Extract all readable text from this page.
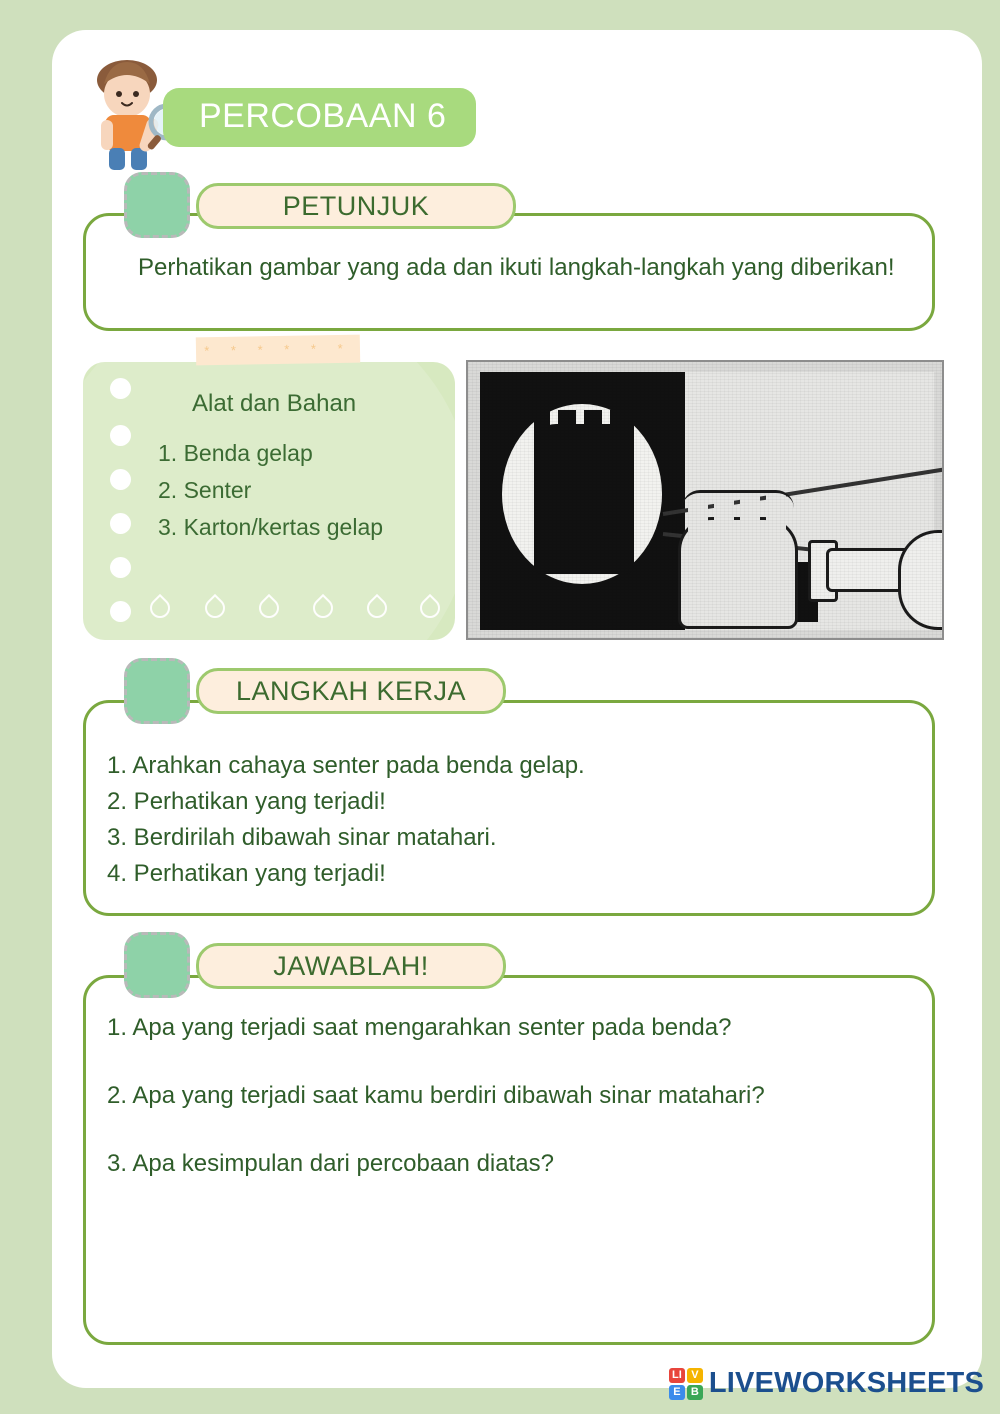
PERCOBAAN 6
PETUNJUK
Perhatikan gambar yang ada dan ikuti langkah-langkah yang diberikan!
* * * * * *
Alat dan Bahan
1. Benda gelap
2. Senter
3. Karton/kertas gelap
LANGKAH KERJA
1. Arahkan cahaya senter pada benda gelap.
2. Perhatikan yang terjadi!
3. Berdirilah dibawah sinar matahari.
4. Perhatikan yang terjadi!
JAWABLAH!
1. Apa yang terjadi saat mengarahkan senter pada benda?
2. Apa yang terjadi saat kamu berdiri dibawah sinar matahari?
3. Apa kesimpulan dari percobaan diatas?
LI V
E B LIVEWORKSHEETS
